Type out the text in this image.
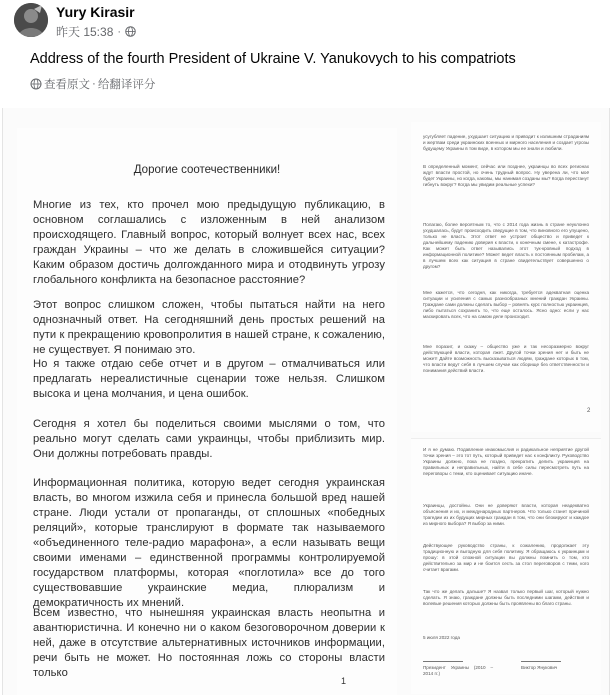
Yury Kirasir
昨天 15:38 ·
Address of the fourth President of Ukraine V. Yanukovych to his compatriots
查看原文 · 给翻译评分
Дорогие соотечественники!
Многие из тех, кто прочел мою предыдущую публикацию, в основном соглашались с изложенным в ней анализом происходящего. Главный вопрос, который волнует всех нас, всех граждан Украины – что же делать в сложившейся ситуации? Каким образом достичь долгожданного мира и отодвинуть угрозу глобального конфликта на безопасное расстояние?
Этот вопрос слишком сложен, чтобы пытаться найти на него однозначный ответ. На сегодняшний день простых решений на пути к прекращению кровопролития в нашей стране, к сожалению, не существует. Я понимаю это.
Но я также отдаю себе отчет и в другом – отмалчиваться или предлагать нереалистичные сценарии тоже нельзя. Слишком высока и цена молчания, и цена ошибок.
Сегодня я хотел бы поделиться своими мыслями о том, что реально могут сделать сами украинцы, чтобы приблизить мир. Они должны потребовать правды.
Информационная политика, которую ведет сегодня украинская власть, во многом изжила себя и принесла большой вред нашей стране. Люди устали от пропаганды, от сплошных «победных реляций», которые транслируют в формате так называемого «объединенного теле-радио марафона», а если называть вещи своими именами – единственной программы контролируемой государством платформы, которая «поглотила» все до того существовавшие украинские медиа, плюрализм и демократичность их мнений.
Всем известно, что нынешняя украинская власть неопытна и авантюристична. И конечно ни о каком безоговорочном доверии к ней, даже в отсутствие альтернативных источников информации, речи быть не может. Но постоянная ложь со стороны власти только
1
усугубляет падение, ухудшает ситуацию и приводит к излишним страданиям и жертвам среди украинских военных и мирного населения и создает угрозы будущему Украины в том виде, в котором мы ее знали и любили.
В определенный момент, сейчас или позднее, украинцы во всех регионах ждут власти простой, но очень трудный вопрос. Ну уверена ли, что моё будет Украины, но когда, каковы, мы нанимая созданы мы? Когда перестанут гибнуть вокруг? Когда мы увидим реальные успехи?
Полагаю, более вероятным то, что с 2014 года жизнь в стране неуклонно ухудшалась, будут происходить сведущие в том, что виновного его упущено, только не власть. Этот ответ не устроит общество и приведет к дальнейшему падению доверия к власти, к конечным смене, к катастрофе. Как может быть ответ назывались этот тук-кровный подход в информационной политике? Может ведет власть к постоянным пробелам, а в лучшем всех как ситуация в стране свидетельствует совершенно о другом?
Мне кажется, что сегодня, как никогда, требуется адекватная оценка ситуации и усиления с самых разнообразных мнений граждан Украины. Граждане сами должны сделать выбор – ровнять курс полностью украинцев, либо пытаться сохранить то, что еще осталось. Ясно одно: если у нас маскировать всех, что на самом деле происходит.
Мне поразит, и скажу – общество уже и так несоразмерно вокруг действующей власти, которая лжет. Другой точки зрения нет и быть не может! Дайте возможность высказываться людям, граждане которых в том, что власти ведут себя в лучшем случае как сборище без ответственности и понимания действий власти.
2
И я не думаю. Подавление инакомыслия и радикальное неприятие другой точки зрения – это тот путь, который приведет нас к конфликту. Руководство Украины должно, пока не поздно, прекратить делить украинцев на правильных и неправильных, найти в себе силы пересмотреть путь на переговоры с теми, кто оценивает ситуацию иначе.
Украинцы, достойны. Они не доверяют власти, которая неадекватно объяснения и их, и международных партнеров. Что только станет причиной трагедии из их будущих мирных граждан в том, что они блокируют и каждое из мирного выбора? Я выбор за ними.
Действующее руководство страны, к сожалению, продолжает эту традиционную и выгодную для себя политику. Я обращаюсь к украинцам и прошу: в этой сложной ситуации вы должны помнить о том, кто действительно за мир и не боится сесть за стол переговоров с теми, кого считает врагами.
Так что же делать дальше? Я назвал только первый шаг, который нужно сделать. Я знаю, граждане должны быть последними шагами, действия и волевые решения которых должны быть проявлены во благо страны.
5 июля 2022 года
Президент Украины (2010 – 2014 гг.)
Виктор Янукович
